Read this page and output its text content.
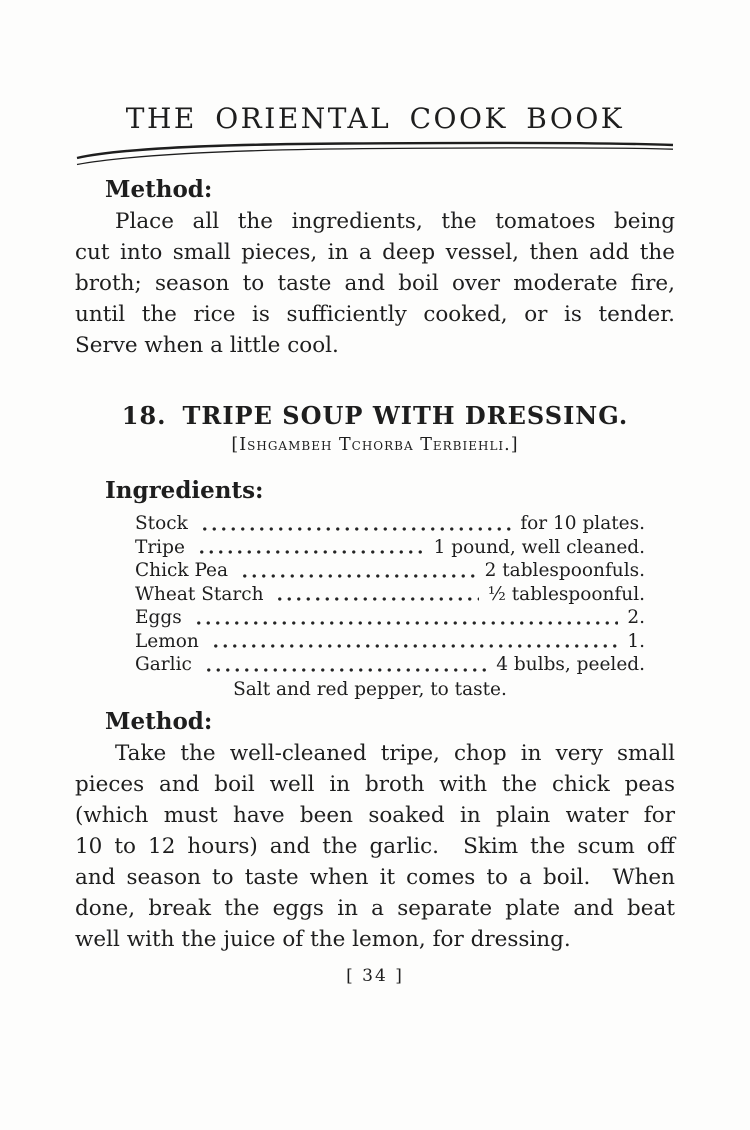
THE ORIENTAL COOK BOOK
Method:
Place all the ingredients, the tomatoes being
cut into small pieces, in a deep vessel, then add the
broth; season to taste and boil over moderate fire,
until the rice is sufficiently cooked, or is tender.
Serve when a little cool.
18. TRIPE SOUP WITH DRESSING.
[Ishgambeh Tchorba Terbiehli.]
Ingredients:
Stock	for 10 plates.
Tripe	1 pound, well cleaned.
Chick Pea	2 tablespoonfuls.
Wheat Starch	½ tablespoonful.
Eggs	2.
Lemon	1.
Garlic	4 bulbs, peeled.
Salt and red pepper, to taste.
Method:
Take the well-cleaned tripe, chop in very small
pieces and boil well in broth with the chick peas
(which must have been soaked in plain water for
10 to 12 hours) and the garlic.  Skim the scum off
and season to taste when it comes to a boil.  When
done, break the eggs in a separate plate and beat
well with the juice of the lemon, for dressing.
[ 34 ]
